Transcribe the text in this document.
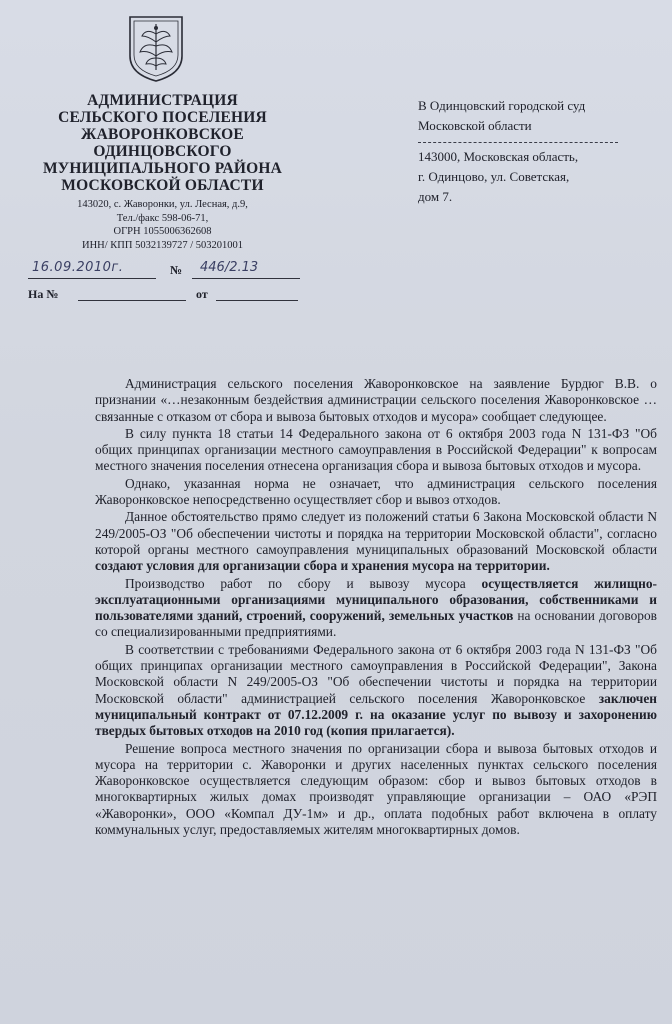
АДМИНИСТРАЦИЯ
СЕЛЬСКОГО ПОСЕЛЕНИЯ
ЖАВОРОНКОВСКОЕ
ОДИНЦОВСКОГО
МУНИЦИПАЛЬНОГО РАЙОНА
МОСКОВСКОЙ ОБЛАСТИ
143020, с. Жаворонки, ул. Лесная, д.9,
Тел./факс 598-06-71,
ОГРН 1055006362608
ИНН/ КПП 5032139727 / 503201001
16.09.2010г.	№ 446/2.13
На №	от
В Одинцовский городской суд
Московской области
143000, Московская область,
г. Одинцово, ул. Советская,
дом 7.

Администрация сельского поселения Жаворонковское на заявление Бурдюг В.В. о признании «…незаконным бездействия администрации сельского поселения Жаворонковское … связанные с отказом от сбора и вывоза бытовых отходов и мусора» сообщает следующее.

В силу пункта 18 статьи 14 Федерального закона от 6 октября 2003 года N 131-ФЗ "Об общих принципах организации местного самоуправления в Российской Федерации" к вопросам местного значения поселения отнесена организация сбора и вывоза бытовых отходов и мусора.

Однако, указанная норма не означает, что администрация сельского поселения Жаворонковское непосредственно осуществляет сбор и вывоз отходов.

Данное обстоятельство прямо следует из положений статьи 6 Закона Московской области N 249/2005-ОЗ "Об обеспечении чистоты и порядка на территории Московской области", согласно которой органы местного самоуправления муниципальных образований Московской области создают условия для организации сбора и хранения мусора на территории.

Производство работ по сбору и вывозу мусора осуществляется жилищно-эксплуатационными организациями муниципального образования, собственниками и пользователями зданий, строений, сооружений, земельных участков на основании договоров со специализированными предприятиями.

В соответствии с требованиями Федерального закона от 6 октября 2003 года N 131-ФЗ "Об общих принципах организации местного самоуправления в Российской Федерации", Закона Московской области N 249/2005-ОЗ "Об обеспечении чистоты и порядка на территории Московской области" администрацией сельского поселения Жаворонковское заключен муниципальный контракт от 07.12.2009 г. на оказание услуг по вывозу и захоронению твердых бытовых отходов на 2010 год (копия прилагается).

Решение вопроса местного значения по организации сбора и вывоза бытовых отходов и мусора на территории с. Жаворонки и других населенных пунктах сельского поселения Жаворонковское осуществляется следующим образом: сбор и вывоз бытовых отходов в многоквартирных жилых домах производят управляющие организации – ОАО «РЭП «Жаворонки», ООО «Компал ДУ-1м» и др., оплата подобных работ включена в оплату коммунальных услуг, предоставляемых жителям многоквартирных домов.
